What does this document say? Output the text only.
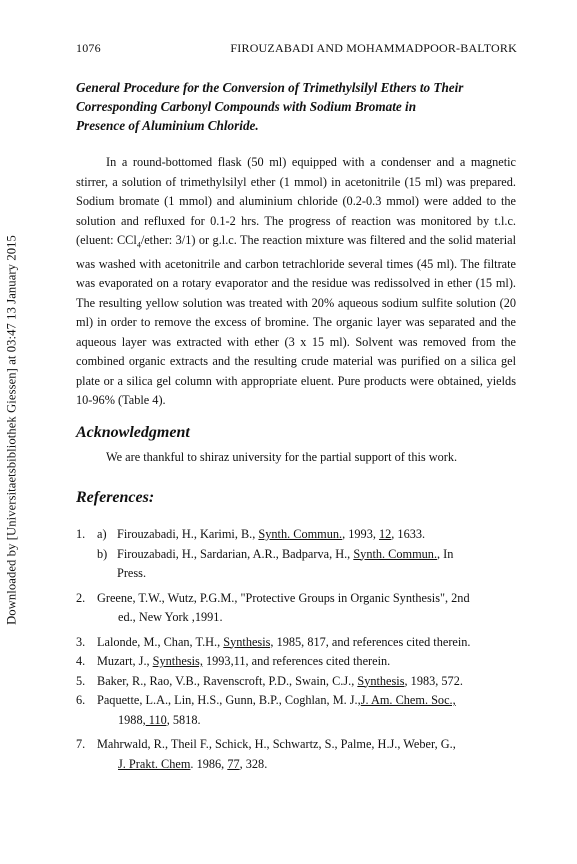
Downloaded by [Universitaetsbibliothek Giessen] at 03:47 13 January 2015
1076	FIROUZABADI AND MOHAMMADPOOR-BALTORK
General Procedure for the Conversion of Trimethylsilyl Ethers to Their
Corresponding Carbonyl Compounds with Sodium Bromate in
Presence of Aluminium Chloride.

In a round-bottomed flask (50 ml) equipped with a condenser and a magnetic stirrer, a solution of trimethylsilyl ether (1 mmol) in acetonitrile (15 ml) was prepared. Sodium bromate (1 mmol) and aluminium chloride (0.2-0.3 mmol) were added to the solution and refluxed for 0.1-2 hrs. The progress of reaction was monitored by t.l.c. (eluent: CCl$_4$/ether: 3/1) or g.l.c. The reaction mixture was filtered and the solid material was washed with acetonitrile and carbon tetrachloride several times (45 ml). The filtrate was evaporated on a rotary evaporator and the residue was redissolved in ether (15 ml). The resulting yellow solution was treated with 20% aqueous sodium sulfite solution (20 ml) in order to remove the excess of bromine. The organic layer was separated and the aqueous layer was extracted with ether (3 x 15 ml). Solvent was removed from the combined organic extracts and the resulting crude material was purified on a silica gel plate or a silica gel column with appropriate eluent. Pure products were obtained, yields 10-96% (Table 4).

Acknowledgment
We are thankful to shiraz university for the partial support of this work.
References:
1. a) Firouzabadi, H., Karimi, B., Synth. Commun., 1993, 12, 1633.
b) Firouzabadi, H., Sardarian, A.R., Badparva, H., Synth. Commun., In
Press.
2. Greene, T.W., Wutz, P.G.M., "Protective Groups in Organic Synthesis", 2nd
ed., New York ,1991.
3. Lalonde, M., Chan, T.H., Synthesis, 1985, 817, and references cited therein.
4. Muzart, J., Synthesis, 1993,11, and references cited therein.
5. Baker, R., Rao, V.B., Ravenscroft, P.D., Swain, C.J., Synthesis, 1983, 572.
6. Paquette, L.A., Lin, H.S., Gunn, B.P., Coghlan, M. J.,J. Am. Chem. Soc.,
1988, 110, 5818.
7. Mahrwald, R., Theil F., Schick, H., Schwartz, S., Palme, H.J., Weber, G.,
J. Prakt. Chem. 1986, 77, 328.
